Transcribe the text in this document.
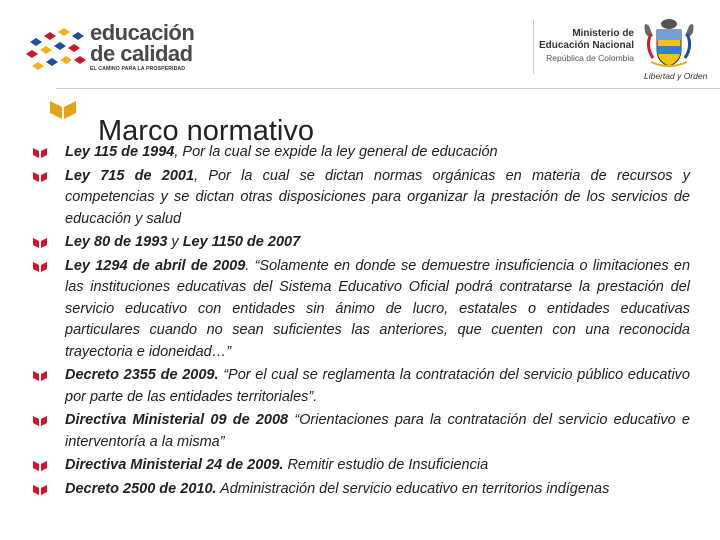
educación
de calidad
EL CAMINO PARA LA PROSPERIDAD
Ministerio de
Educación Nacional
República de Colombia
Libertad y Orden
Marco normativo
Ley 115 de 1994, Por la cual se expide la ley general de educación
Ley 715 de 2001, Por la cual se dictan normas orgánicas en materia de recursos y competencias y se dictan otras disposiciones para organizar la prestación de los servicios de educación y salud
Ley 80 de 1993 y Ley 1150 de 2007
Ley 1294 de abril de 2009. “Solamente en donde se demuestre insuficiencia o limitaciones en las instituciones educativas del Sistema Educativo Oficial podrá contratarse la prestación del servicio educativo con entidades sin ánimo de lucro, estatales o entidades educativas particulares cuando no sean suficientes las anteriores, que cuenten con una reconocida trayectoria e idoneidad…”
Decreto 2355 de 2009. “Por el cual se reglamenta la contratación del servicio público educativo por parte de las entidades territoriales”.
Directiva Ministerial 09 de 2008 “Orientaciones para la contratación del servicio educativo e interventoría a la misma”
Directiva Ministerial 24 de 2009. Remitir estudio de Insuficiencia
Decreto 2500 de 2010. Administración del servicio educativo en territorios indígenas
